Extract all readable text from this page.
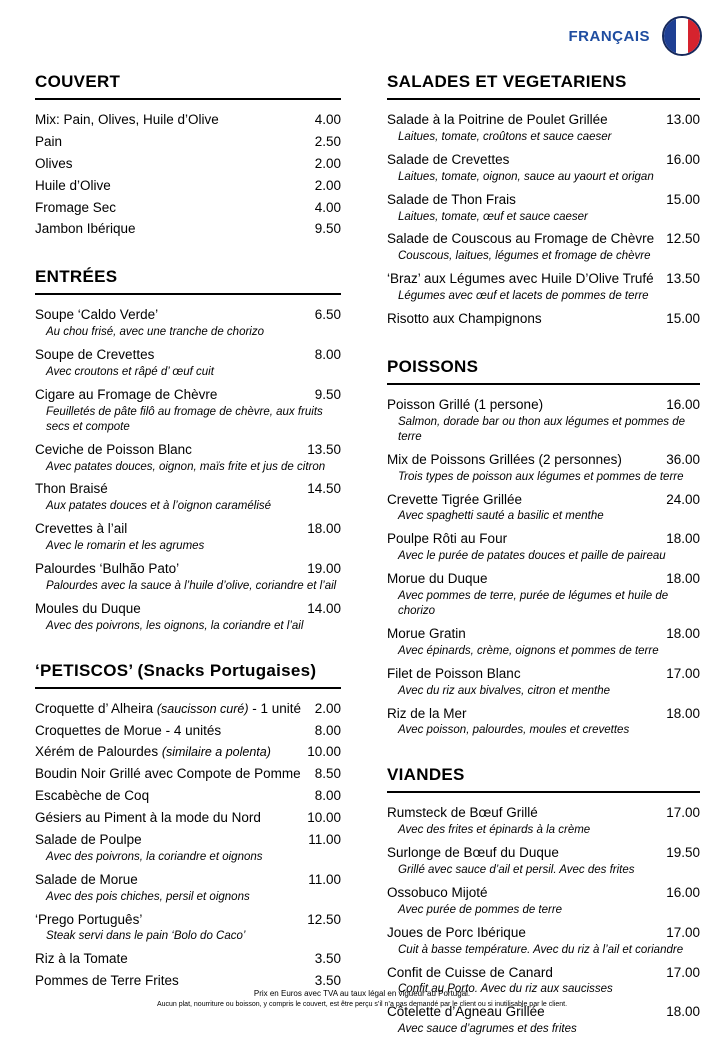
FRANÇAIS
COUVERT
Mix: Pain, Olives, Huile d’Olive	4.00
Pain	2.50
Olives	2.00
Huile d’Olive	2.00
Fromage Sec	4.00
Jambon Ibérique	9.50
ENTRÉES
Soupe ‘Caldo Verde’	6.50
Au chou frisé, avec une tranche de chorizo
Soupe de Crevettes	8.00
Avec croutons et râpé d’ œuf cuit
Cigare au Fromage de Chèvre	9.50
Feuilletés de pâte filô au fromage de chèvre, aux fruits secs et compote
Ceviche de Poisson Blanc	13.50
Avec patates douces, oignon, maïs frite et jus de citron
Thon Braisé	14.50
Aux patates douces et à l’oignon caramélisé
Crevettes à l’ail	18.00
Avec le romarin et les agrumes
Palourdes ‘Bulhão Pato’	19.00
Palourdes avec la sauce à l’huile d’olive, coriandre et l’ail
Moules du Duque	14.00
Avec des poivrons, les oignons, la coriandre et l’ail
‘PETISCOS’ (Snacks Portugaises)
Croquette d’ Alheira (saucisson curé) - 1 unité 2.00
Croquettes de Morue - 4 unités	8.00
Xérém de Palourdes (similaire a polenta)	10.00
Boudin Noir Grillé avec Compote de Pomme 8.50
Escabèche de Coq	8.00
Gésiers au Piment à la mode du Nord	10.00
Salade de Poulpe	11.00
Avec des poivrons, la coriandre et oignons
Salade de Morue	11.00
Avec des pois chiches, persil et oignons
‘Prego Português’	12.50
Steak servi dans le pain ‘Bolo do Caco’
Riz à la Tomate	3.50
Pommes de Terre Frites	3.50
SALADES ET VEGETARIENS
Salade à la Poitrine de Poulet Grillée	13.00
Laitues, tomate, croûtons et sauce caeser
Salade de Crevettes	16.00
Laitues, tomate, oignon, sauce au yaourt et origan
Salade de Thon Frais	15.00
Laitues, tomate, œuf et sauce caeser
Salade de Couscous au Fromage de Chèvre 12.50
Couscous, laitues, légumes et fromage de chèvre
‘Braz’ aux Légumes avec Huile D’Olive Trufé 13.50
Légumes avec œuf et lacets de pommes de terre
Risotto aux Champignons	15.00
POISSONS
Poisson Grillé (1 persone)	16.00
Salmon, dorade bar ou thon aux légumes et pommes de terre
Mix de Poissons Grillées (2 personnes)	36.00
Trois types de poisson aux légumes et pommes de terre
Crevette Tigrée Grillée	24.00
Avec spaghetti sauté a basilic et menthe
Poulpe Rôti au Four	18.00
Avec le purée de patates douces et paille de paireau
Morue du Duque	18.00
Avec pommes de terre, purée de légumes et huile de chorizo
Morue Gratin	18.00
Avec épinards, crème, oignons et pommes de terre
Filet de Poisson Blanc	17.00
Avec du riz aux bivalves, citron et menthe
Riz de la Mer	18.00
Avec poisson, palourdes, moules et crevettes
VIANDES
Rumsteck de Bœuf Grillé	17.00
Avec des frites et épinards à la crème
Surlonge de Bœuf du Duque	19.50
Grillé avec sauce d’ail et persil. Avec des frites
Ossobuco Mijoté	16.00
Avec purée de pommes de terre
Joues de Porc Ibérique	17.00
Cuit à basse température. Avec du riz à l’ail et coriandre
Confit de Cuisse de Canard	17.00
Confit au Porto. Avec du riz aux saucisses
Côtelette d’Agneau Grillée	18.00
Avec sauce d’agrumes et des frites
Prix en Euros avec TVA au taux légal en vigueur au Portugal.
Aucun plat, nourriture ou boisson, y compris le couvert, est être perçu s’il n’a pas demandé par le client ou si inutilisable par le client.
